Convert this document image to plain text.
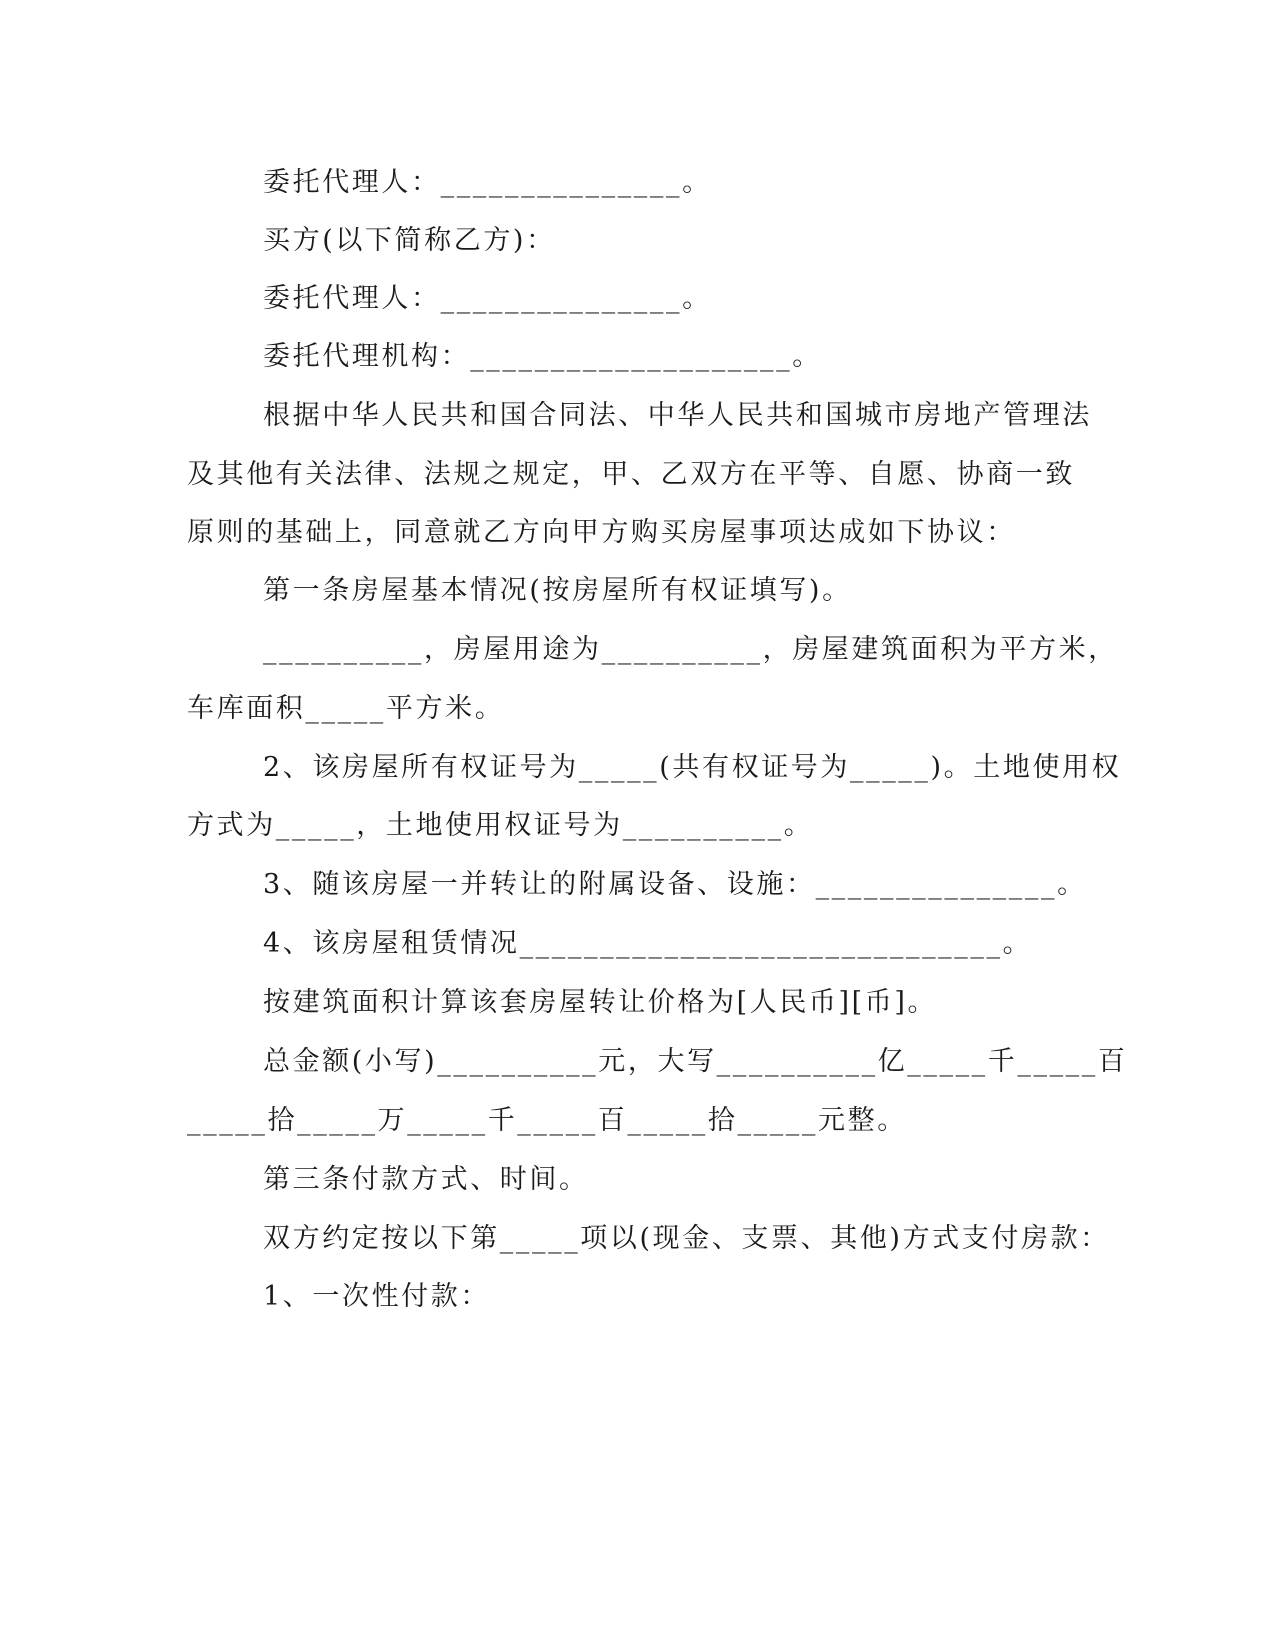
委托代理人：_______________。
买方(以下简称乙方)：
委托代理人：_______________。
委托代理机构：____________________。
根据中华人民共和国合同法、中华人民共和国城市房地产管理法
及其他有关法律、法规之规定，甲、乙双方在平等、自愿、协商一致
原则的基础上，同意就乙方向甲方购买房屋事项达成如下协议：
第一条房屋基本情况(按房屋所有权证填写)。
__________，房屋用途为__________，房屋建筑面积为平方米，
车库面积_____平方米。
2、该房屋所有权证号为_____(共有权证号为_____)。土地使用权
方式为_____，土地使用权证号为__________。
3、随该房屋一并转让的附属设备、设施：_______________。
4、该房屋租赁情况______________________________。
按建筑面积计算该套房屋转让价格为[人民币][币]。
总金额(小写)__________元，大写__________亿_____千_____百
_____拾_____万_____千_____百_____拾_____元整。
第三条付款方式、时间。
双方约定按以下第_____项以(现金、支票、其他)方式支付房款：
1、一次性付款：
